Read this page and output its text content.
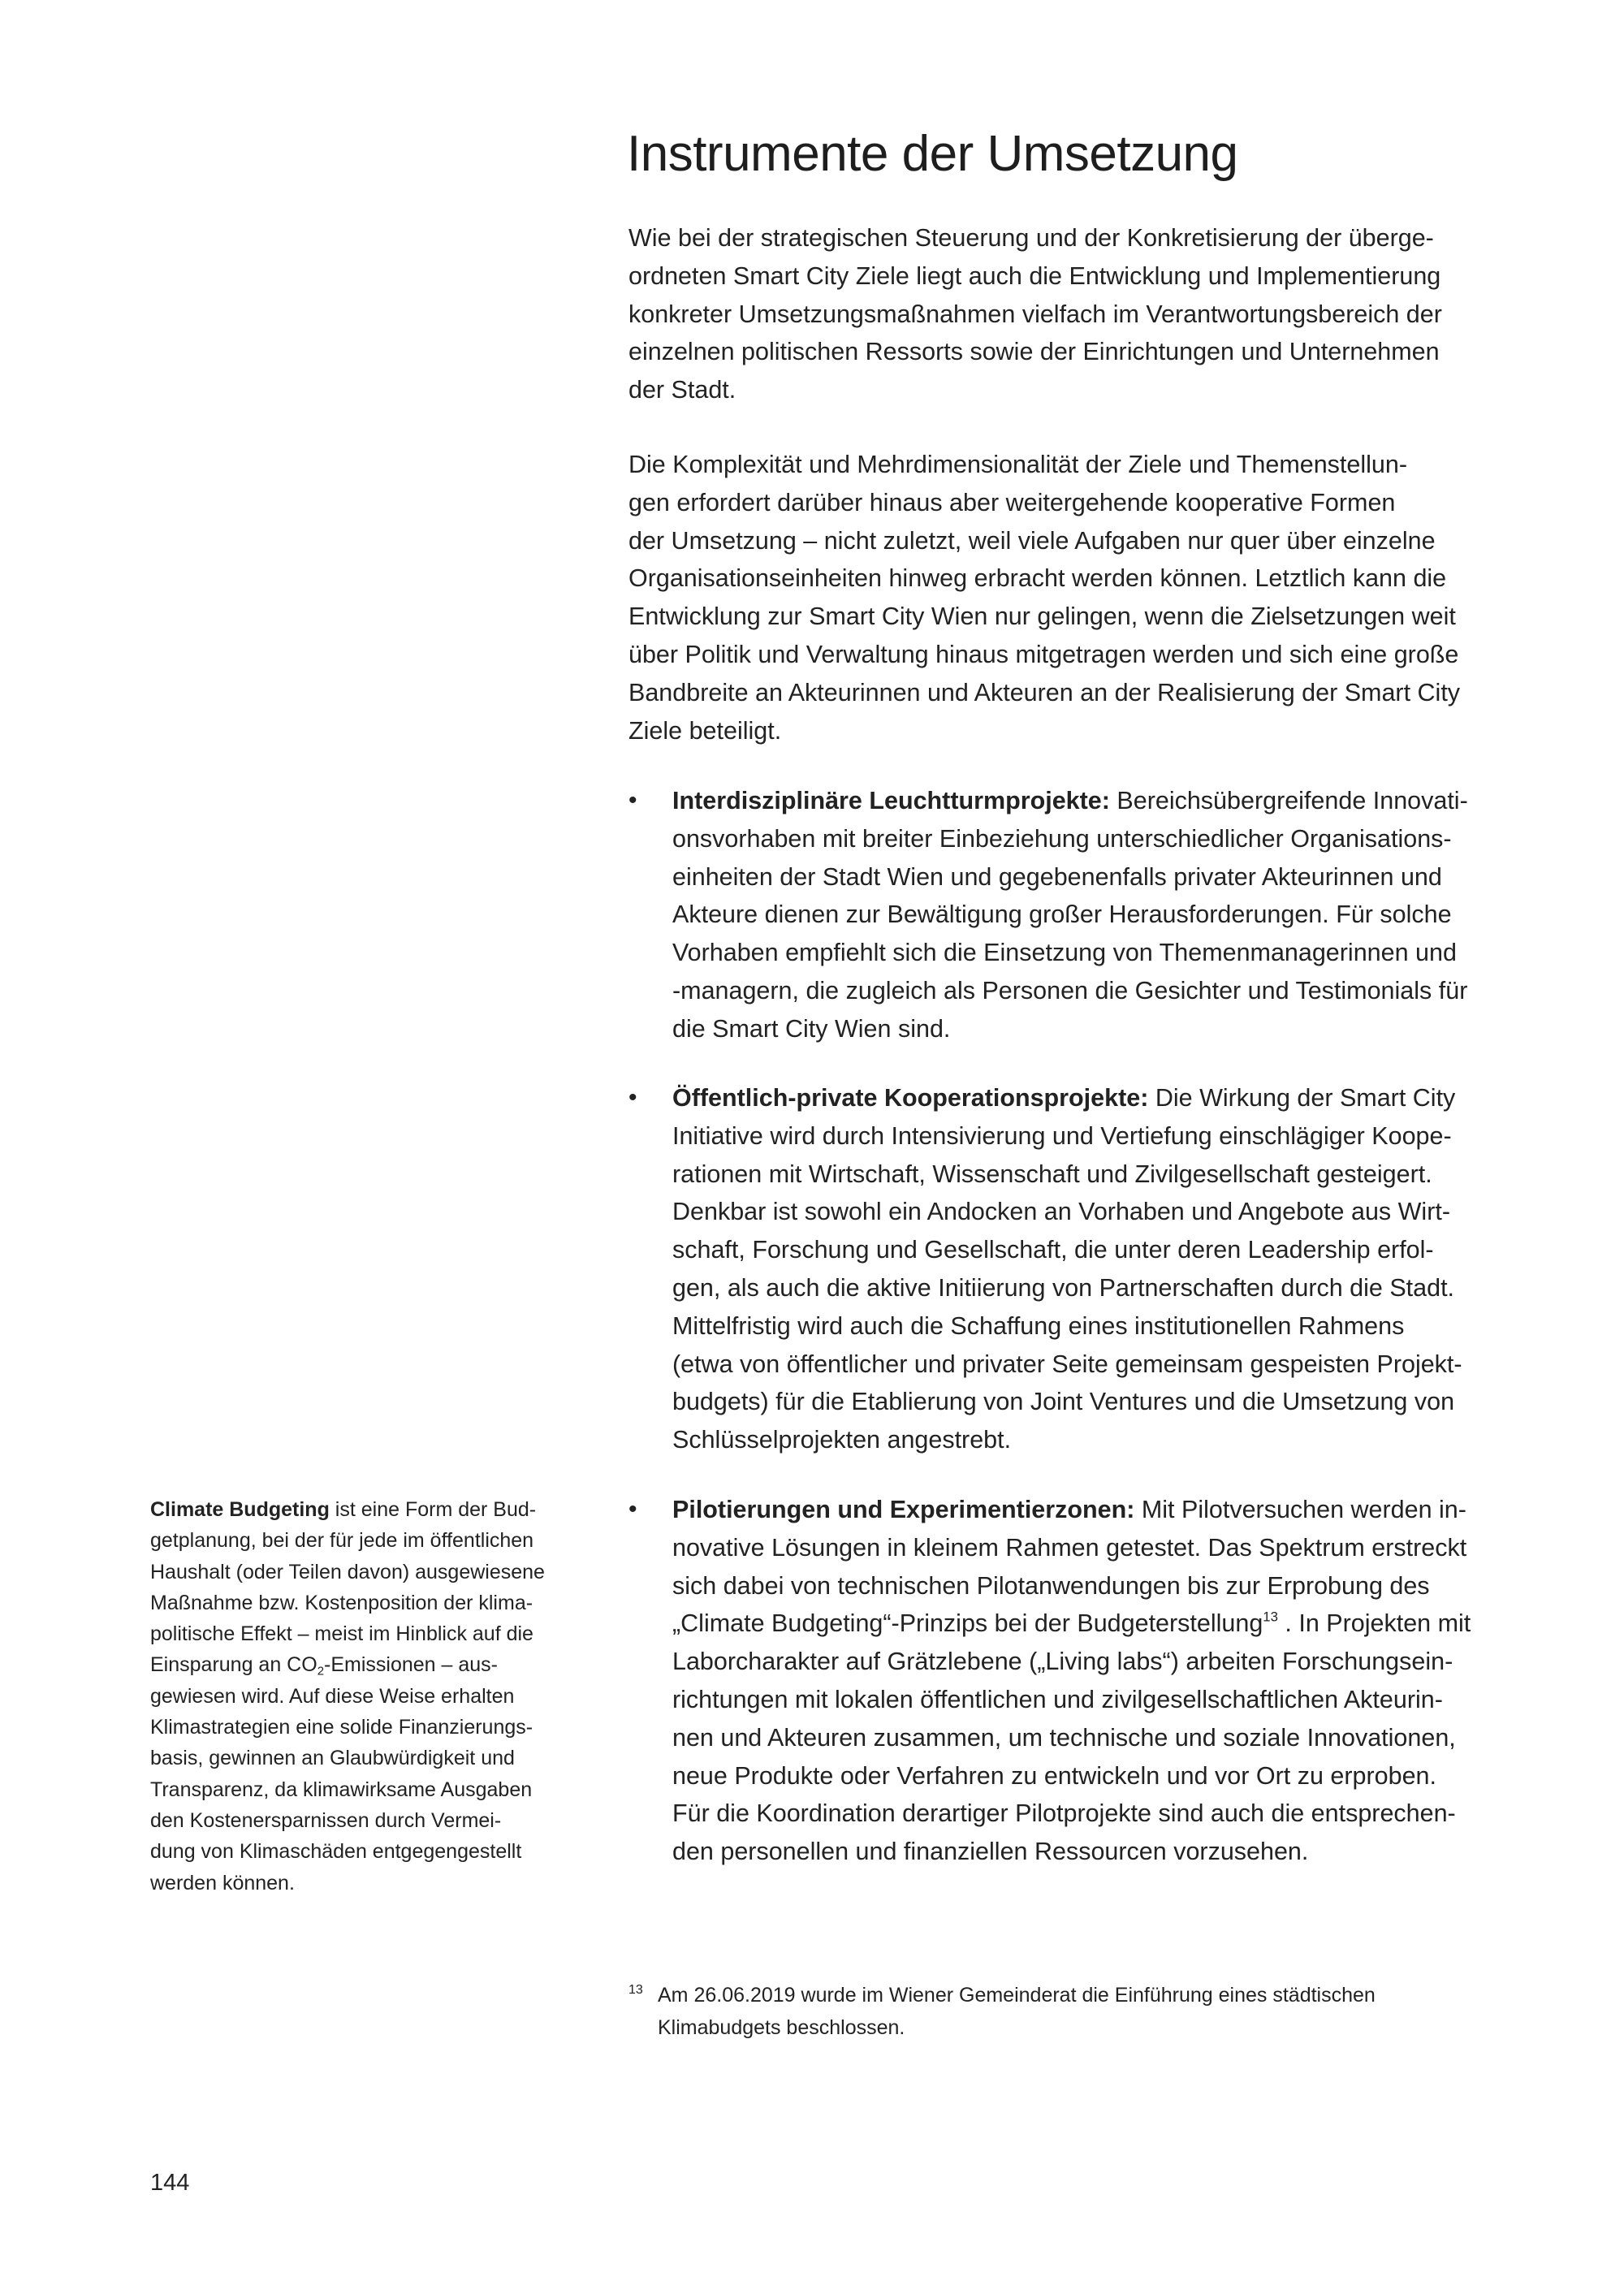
Instrumente der Umsetzung
Wie bei der strategischen Steuerung und der Konkretisierung der überge-
ordneten Smart City Ziele liegt auch die Entwicklung und Implementierung
konkreter Umsetzungsmaßnahmen vielfach im Verantwortungsbereich der
einzelnen politischen Ressorts sowie der Einrichtungen und Unternehmen
der Stadt.
Die Komplexität und Mehrdimensionalität der Ziele und Themenstellun-
gen erfordert darüber hinaus aber weitergehende kooperative Formen
der Umsetzung – nicht zuletzt, weil viele Aufgaben nur quer über einzelne
Organisationseinheiten hinweg erbracht werden können. Letztlich kann die
Entwicklung zur Smart City Wien nur gelingen, wenn die Zielsetzungen weit
über Politik und Verwaltung hinaus mitgetragen werden und sich eine große
Bandbreite an Akteurinnen und Akteuren an der Realisierung der Smart City
Ziele beteiligt.
• Interdisziplinäre Leuchtturmprojekte: Bereichsübergreifende Innovati-
onsvorhaben mit breiter Einbeziehung unterschiedlicher Organisations-
einheiten der Stadt Wien und gegebenenfalls privater Akteurinnen und
Akteure dienen zur Bewältigung großer Herausforderungen. Für solche
Vorhaben empfiehlt sich die Einsetzung von Themenmanagerinnen und
-managern, die zugleich als Personen die Gesichter und Testimonials für
die Smart City Wien sind.
• Öffentlich-private Kooperationsprojekte: Die Wirkung der Smart City
Initiative wird durch Intensivierung und Vertiefung einschlägiger Koope-
rationen mit Wirtschaft, Wissenschaft und Zivilgesellschaft gesteigert.
Denkbar ist sowohl ein Andocken an Vorhaben und Angebote aus Wirt-
schaft, Forschung und Gesellschaft, die unter deren Leadership erfol-
gen, als auch die aktive Initiierung von Partnerschaften durch die Stadt.
Mittelfristig wird auch die Schaffung eines institutionellen Rahmens
(etwa von öffentlicher und privater Seite gemeinsam gespeisten Projekt-
budgets) für die Etablierung von Joint Ventures und die Umsetzung von
Schlüsselprojekten angestrebt.
• Pilotierungen und Experimentierzonen: Mit Pilotversuchen werden in-
novative Lösungen in kleinem Rahmen getestet. Das Spektrum erstreckt
sich dabei von technischen Pilotanwendungen bis zur Erprobung des
„Climate Budgeting“-Prinzips bei der Budgeterstellung$^{13}$ . In Projekten mit
Laborcharakter auf Grätzlebene („Living labs“) arbeiten Forschungsein-
richtungen mit lokalen öffentlichen und zivilgesellschaftlichen Akteurin-
nen und Akteuren zusammen, um technische und soziale Innovationen,
neue Produkte oder Verfahren zu entwickeln und vor Ort zu erproben.
Für die Koordination derartiger Pilotprojekte sind auch die entsprechen-
den personellen und finanziellen Ressourcen vorzusehen.
Climate Budgeting ist eine Form der Bud-
getplanung, bei der für jede im öffentlichen
Haushalt (oder Teilen davon) ausgewiesene
Maßnahme bzw. Kostenposition der klima-
politische Effekt – meist im Hinblick auf die
Einsparung an $CO_2$-Emissionen – aus-
gewiesen wird. Auf diese Weise erhalten
Klimastrategien eine solide Finanzierungs-
basis, gewinnen an Glaubwürdigkeit und
Transparenz, da klimawirksame Ausgaben
den Kostenersparnissen durch Vermei-
dung von Klimaschäden entgegengestellt
werden können.
13 Am 26.06.2019 wurde im Wiener Gemeinderat die Einführung eines städtischen
Klimabudgets beschlossen.
144
